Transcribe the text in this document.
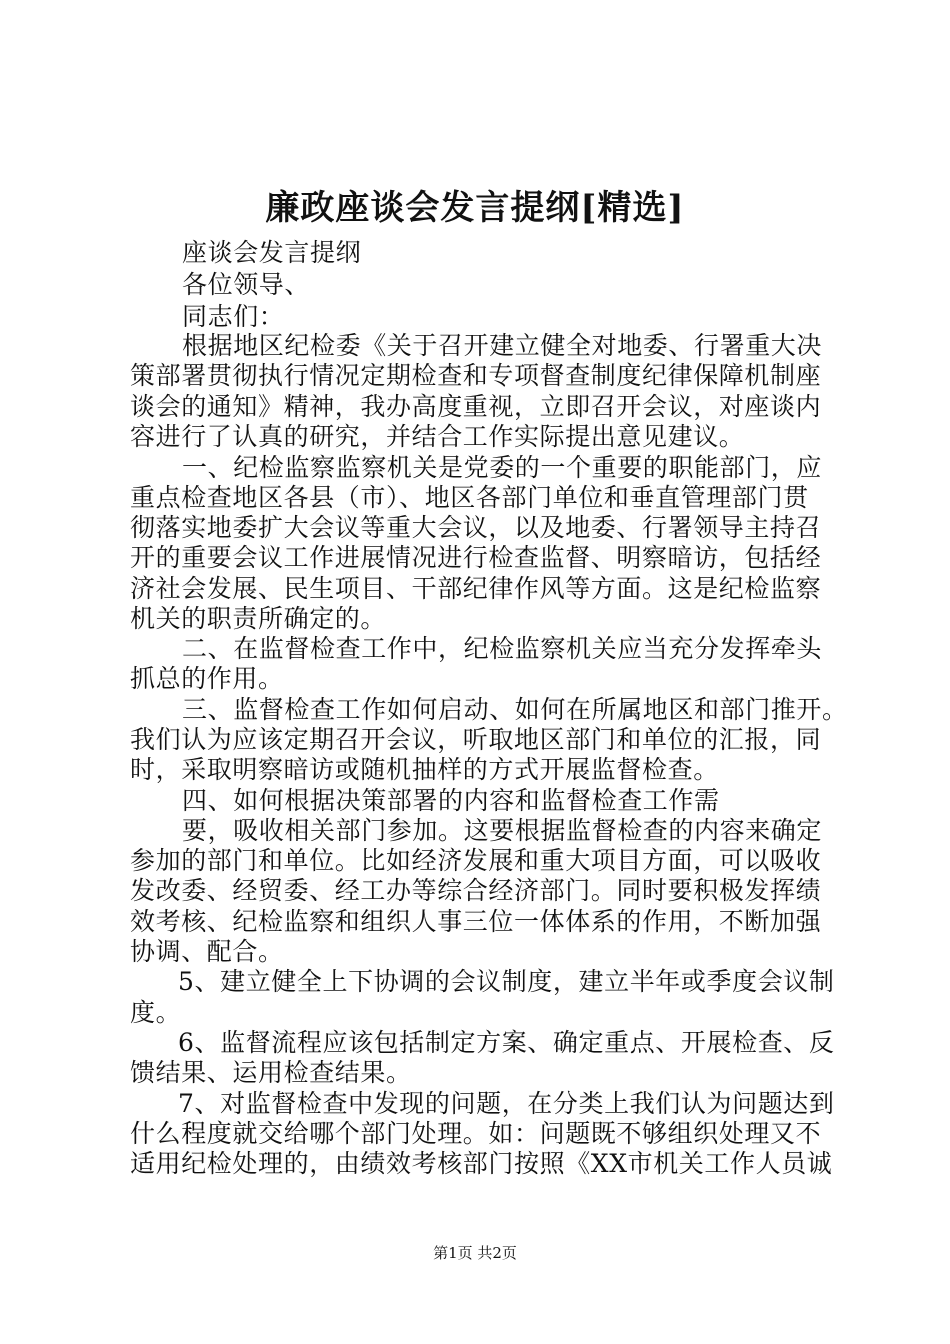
廉政座谈会发言提纲[精选]
座谈会发言提纲
各位领导、
同志们：
根据地区纪检委《关于召开建立健全对地委、行署重大决
策部署贯彻执行情况定期检查和专项督查制度纪律保障机制座
谈会的通知》精神，我办高度重视，立即召开会议，对座谈内
容进行了认真的研究，并结合工作实际提出意见建议。
一、纪检监察监察机关是党委的一个重要的职能部门，应
重点检查地区各县（市）、地区各部门单位和垂直管理部门贯
彻落实地委扩大会议等重大会议，以及地委、行署领导主持召
开的重要会议工作进展情况进行检查监督、明察暗访，包括经
济社会发展、民生项目、干部纪律作风等方面。这是纪检监察
机关的职责所确定的。
二、在监督检查工作中，纪检监察机关应当充分发挥牵头
抓总的作用。
三、监督检查工作如何启动、如何在所属地区和部门推开。
我们认为应该定期召开会议，听取地区部门和单位的汇报，同
时，采取明察暗访或随机抽样的方式开展监督检查。
四、如何根据决策部署的内容和监督检查工作需
要，吸收相关部门参加。这要根据监督检查的内容来确定
参加的部门和单位。比如经济发展和重大项目方面，可以吸收
发改委、经贸委、经工办等综合经济部门。同时要积极发挥绩
效考核、纪检监察和组织人事三位一体体系的作用，不断加强
协调、配合。
5、建立健全上下协调的会议制度，建立半年或季度会议制
度。
6、监督流程应该包括制定方案、确定重点、开展检查、反
馈结果、运用检查结果。
7、对监督检查中发现的问题，在分类上我们认为问题达到
什么程度就交给哪个部门处理。如：问题既不够组织处理又不
适用纪检处理的，由绩效考核部门按照《XX市机关工作人员诚
第1页 共2页
